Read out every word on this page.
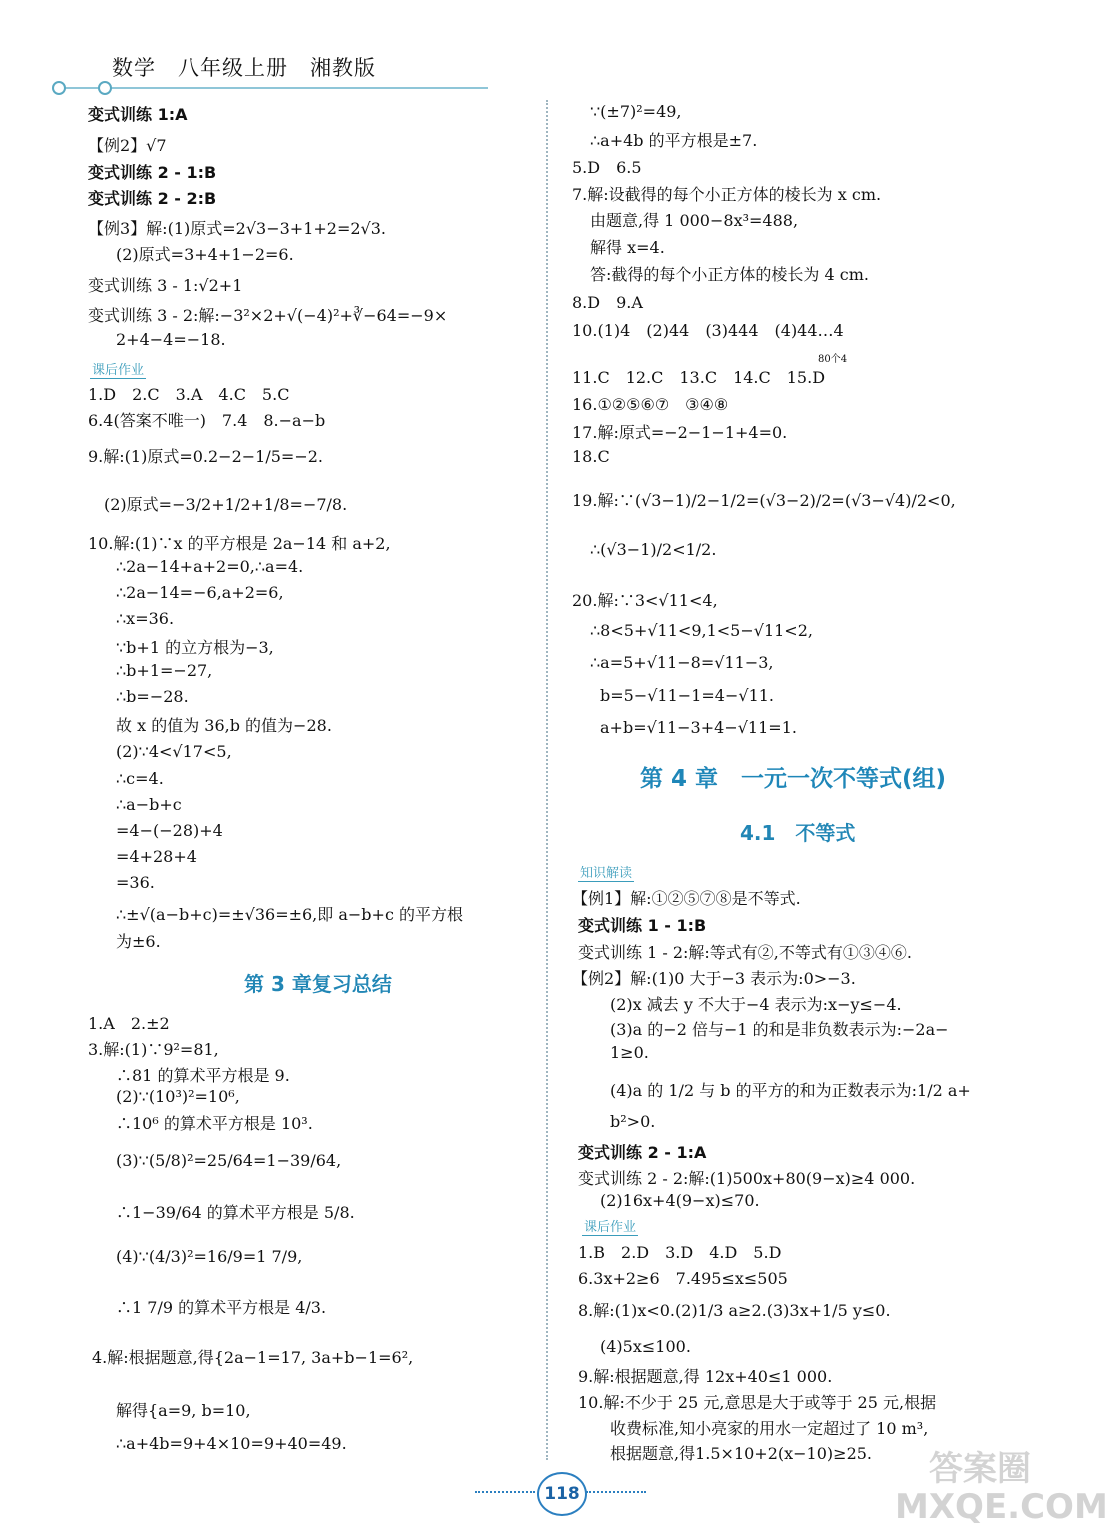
数学　八年级上册　湘教版
课后作业
第 3 章复习总结
80个4
第 4 章　一元一次不等式(组)
4.1　不等式
知识解读
课后作业
118
答案圈 MXQE.COM
变式训练 1:A
【例2】√7
变式训练 2 - 1:B
变式训练 2 - 2:B
【例3】解:(1)原式=2√3−3+1+2=2√3.
(2)原式=3+4+1−2=6.
变式训练 3 - 1:√2+1
变式训练 3 - 2:解:−3²×2+√(−4)²+∛−64=−9×
2+4−4=−18.
1.D　2.C　3.A　4.C　5.C
6.4(答案不唯一)　7.4　8.−a−b
9.解:(1)原式=0.2−2−1/5=−2.
(2)原式=−3/2+1/2+1/8=−7/8.
10.解:(1)∵x 的平方根是 2a−14 和 a+2,
∴2a−14+a+2=0,∴a=4.
∴2a−14=−6,a+2=6,
∴x=36.
∵b+1 的立方根为−3,
∴b+1=−27,
∴b=−28.
故 x 的值为 36,b 的值为−28.
(2)∵4<√17<5,
∴c=4.
∴a−b+c
=4−(−28)+4
=4+28+4
=36.
∴±√(a−b+c)=±√36=±6,即 a−b+c 的平方根
为±6.
1.A　2.±2
3.解:(1)∵9²=81,
∴81 的算术平方根是 9.
(2)∵(10³)²=10⁶,
∴10⁶ 的算术平方根是 10³.
(3)∵(5/8)²=25/64=1−39/64,
∴1−39/64 的算术平方根是 5/8.
(4)∵(4/3)²=16/9=1 7/9,
∴1 7/9 的算术平方根是 4/3.
4.解:根据题意,得{2a−1=17, 3a+b−1=6²,
解得{a=9, b=10,
∴a+4b=9+4×10=9+40=49.
∵(±7)²=49,
∴a+4b 的平方根是±7.
5.D　6.5
7.解:设截得的每个小正方体的棱长为 x cm.
由题意,得 1 000−8x³=488,
解得 x=4.
答:截得的每个小正方体的棱长为 4 cm.
8.D　9.A
10.(1)4　(2)44　(3)444　(4)44…4
11.C　12.C　13.C　14.C　15.D
16.①②⑤⑥⑦　③④⑧
17.解:原式=−2−1−1+4=0.
18.C
19.解:∵(√3−1)/2−1/2=(√3−2)/2=(√3−√4)/2<0,
∴(√3−1)/2<1/2.
20.解:∵3<√11<4,
∴8<5+√11<9,1<5−√11<2,
∴a=5+√11−8=√11−3,
b=5−√11−1=4−√11.
a+b=√11−3+4−√11=1.
【例1】解:①②⑤⑦⑧是不等式.
变式训练 1 - 1:B
变式训练 1 - 2:解:等式有②,不等式有①③④⑥.
【例2】解:(1)0 大于−3 表示为:0>−3.
(2)x 减去 y 不大于−4 表示为:x−y≤−4.
(3)a 的−2 倍与−1 的和是非负数表示为:−2a−
1≥0.
(4)a 的 1/2 与 b 的平方的和为正数表示为:1/2 a+
b²>0.
变式训练 2 - 1:A
变式训练 2 - 2:解:(1)500x+80(9−x)≥4 000.
(2)16x+4(9−x)≤70.
1.B　2.D　3.D　4.D　5.D
6.3x+2≥6　7.495≤x≤505
8.解:(1)x<0.(2)1/3 a≥2.(3)3x+1/5 y≤0.
(4)5x≤100.
9.解:根据题意,得 12x+40≤1 000.
10.解:不少于 25 元,意思是大于或等于 25 元,根据
收费标准,知小亮家的用水一定超过了 10 m³,
根据题意,得1.5×10+2(x−10)≥25.
